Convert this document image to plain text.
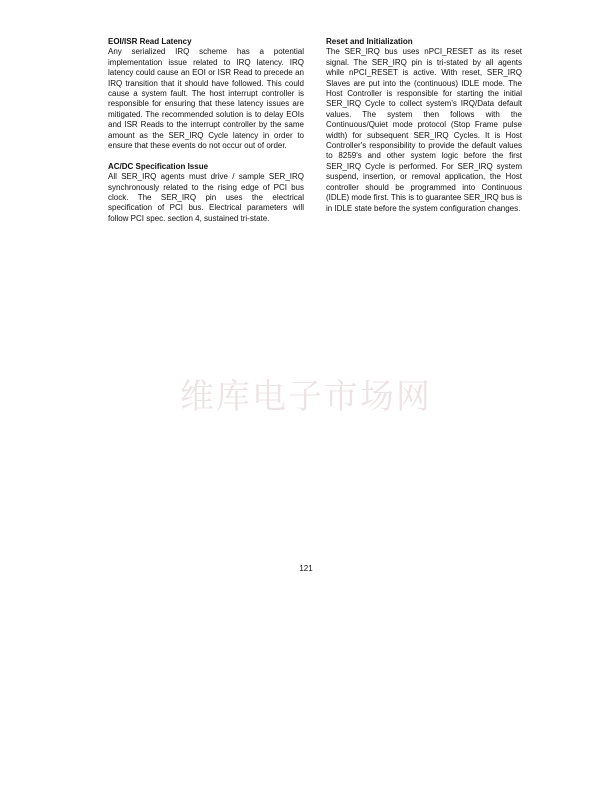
EOI/ISR Read Latency

Any serialized IRQ scheme has a potential implementation issue related to IRQ latency. IRQ latency could cause an EOI or ISR Read to precede an IRQ transition that it should have followed. This could cause a system fault. The host interrupt controller is responsible for ensuring that these latency issues are mitigated. The recommended solution is to delay EOIs and ISR Reads to the interrupt controller by the same amount as the SER_IRQ Cycle latency in order to ensure that these events do not occur out of order.

AC/DC Specification Issue

All SER_IRQ agents must drive / sample SER_IRQ synchronously related to the rising edge of PCI bus clock. The SER_IRQ pin uses the electrical specification of PCI bus. Electrical parameters will follow PCI spec. section 4, sustained tri-state.

Reset and Initialization

The SER_IRQ bus uses nPCI_RESET as its reset signal. The SER_IRQ pin is tri-stated by all agents while nPCI_RESET is active. With reset, SER_IRQ Slaves are put into the (continuous) IDLE mode. The Host Controller is responsible for starting the initial SER_IRQ Cycle to collect system's IRQ/Data default values. The system then follows with the Continuous/Quiet mode protocol (Stop Frame pulse width) for subsequent SER_IRQ Cycles. It is Host Controller's responsibility to provide the default values to 8259's and other system logic before the first SER_IRQ Cycle is performed. For SER_IRQ system suspend, insertion, or removal application, the Host controller should be programmed into Continuous (IDLE) mode first. This is to guarantee SER_IRQ bus is in IDLE state before the system configuration changes.

维库电子市场网
121
